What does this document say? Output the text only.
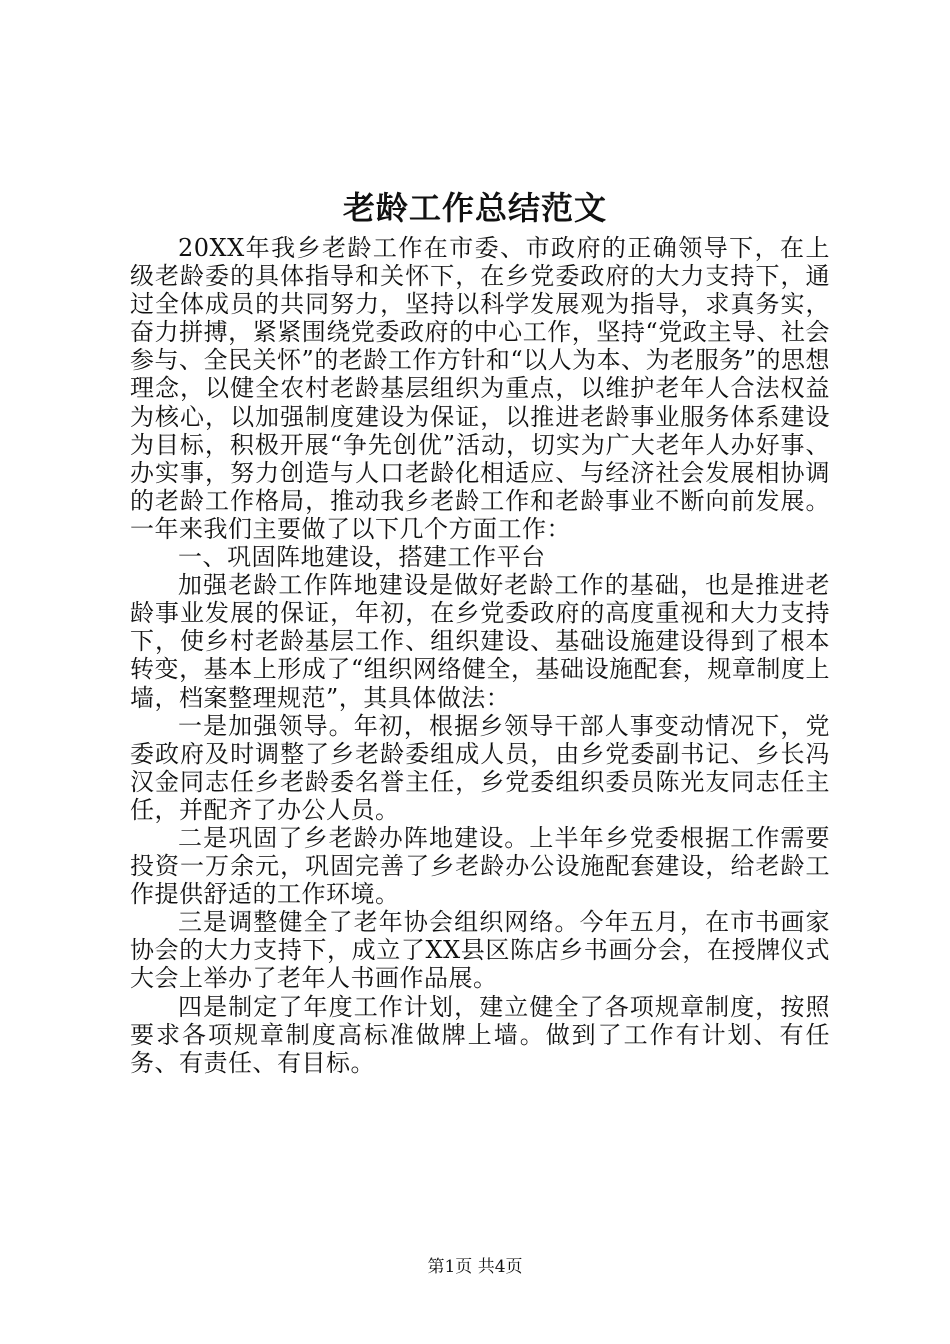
老龄工作总结范文

20XX年我乡老龄工作在市委、市政府的正确领导下，在上级老龄委的具体指导和关怀下，在乡党委政府的大力支持下，通过全体成员的共同努力，坚持以科学发展观为指导，求真务实，奋力拼搏，紧紧围绕党委政府的中心工作，坚持“党政主导、社会参与、全民关怀”的老龄工作方针和“以人为本、为老服务”的思想理念，以健全农村老龄基层组织为重点，以维护老年人合法权益为核心，以加强制度建设为保证，以推进老龄事业服务体系建设为目标，积极开展“争先创优”活动，切实为广大老年人办好事、办实事，努力创造与人口老龄化相适应、与经济社会发展相协调的老龄工作格局，推动我乡老龄工作和老龄事业不断向前发展。一年来我们主要做了以下几个方面工作：

一、巩固阵地建设，搭建工作平台

加强老龄工作阵地建设是做好老龄工作的基础，也是推进老龄事业发展的保证，年初，在乡党委政府的高度重视和大力支持下，使乡村老龄基层工作、组织建设、基础设施建设得到了根本转变，基本上形成了“组织网络健全，基础设施配套，规章制度上墙，档案整理规范”，其具体做法：

一是加强领导。年初，根据乡领导干部人事变动情况下，党委政府及时调整了乡老龄委组成人员，由乡党委副书记、乡长冯汉金同志任乡老龄委名誉主任，乡党委组织委员陈光友同志任主任，并配齐了办公人员。

二是巩固了乡老龄办阵地建设。上半年乡党委根据工作需要投资一万余元，巩固完善了乡老龄办公设施配套建设，给老龄工作提供舒适的工作环境。

三是调整健全了老年协会组织网络。今年五月，在市书画家协会的大力支持下，成立了XX县区陈店乡书画分会，在授牌仪式大会上举办了老年人书画作品展。

四是制定了年度工作计划，建立健全了各项规章制度，按照要求各项规章制度高标准做牌上墙。做到了工作有计划、有任务、有责任、有目标。

第1页 共4页
